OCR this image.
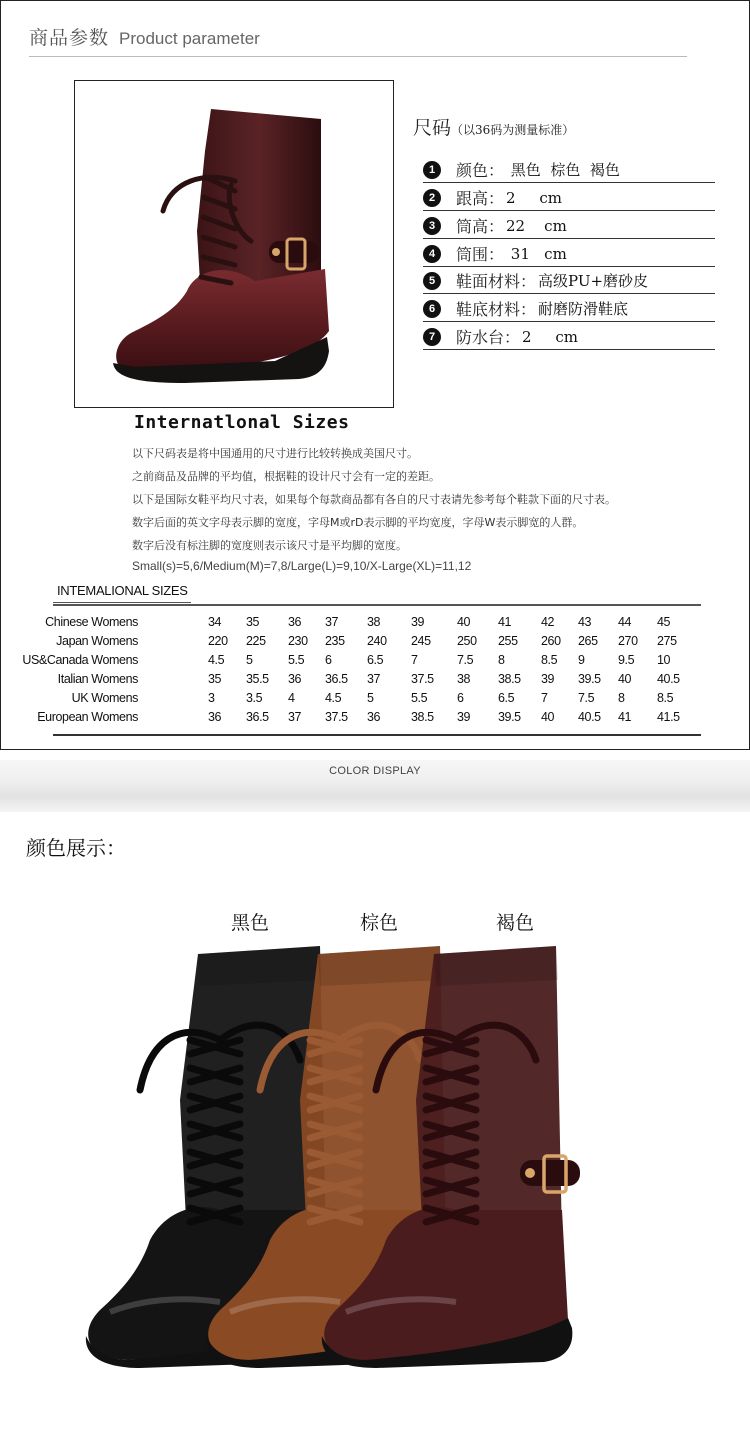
商品参数 Product parameter
尺码（以36码为测量标准）
1	颜色： 黑色  棕色  褐色
2	跟高： 2     cm
3	筒高： 22    cm
4	筒围： 31   cm
5	鞋面材料： 高级PU+磨砂皮
6	鞋底材料： 耐磨防滑鞋底
7	防水台： 2     cm
Internatlonal Sizes
以下尺码表是将中国通用的尺寸进行比较转换成美国尺寸。
之前商品及品牌的平均值，根据鞋的设计尺寸会有一定的差距。
以下是国际女鞋平均尺寸表，如果每个每款商品都有各自的尺寸表请先参考每个鞋款下面的尺寸表。
数字后面的英文字母表示脚的宽度，字母M或rD表示脚的平均宽度，字母W表示脚宽的人群。
数字后没有标注脚的宽度则表示该尺寸是平均脚的宽度。
Small(s)=5,6/Medium(M)=7,8/Large(L)=9,10/X-Large(XL)=11,12
INTEMALIONAL SIZES
Chinese Womens	34 35 36 37 38 39	40 41 42 43 44 45
Japan Womens	220 225 230 235 240 245 250 255 260 265 270 275
US&Canada Womens	4.5 5	5.5 6	6.5 7	7.5 8	8.5 9	9.5 10
Italian Womens	35 35.5 36 36.5 37 37.5 38 38.5 39 39.5 40 40.5
UK Womens	3	3.5 4 4.5 5	5.5 6	6.5 7 7.5 8	8.5
European Womens	36 36.5 37 37.5 36 38.5 39 39.5 40 40.5 41 41.5
COLOR DISPLAY
颜色展示：
黑色	棕色	褐色
